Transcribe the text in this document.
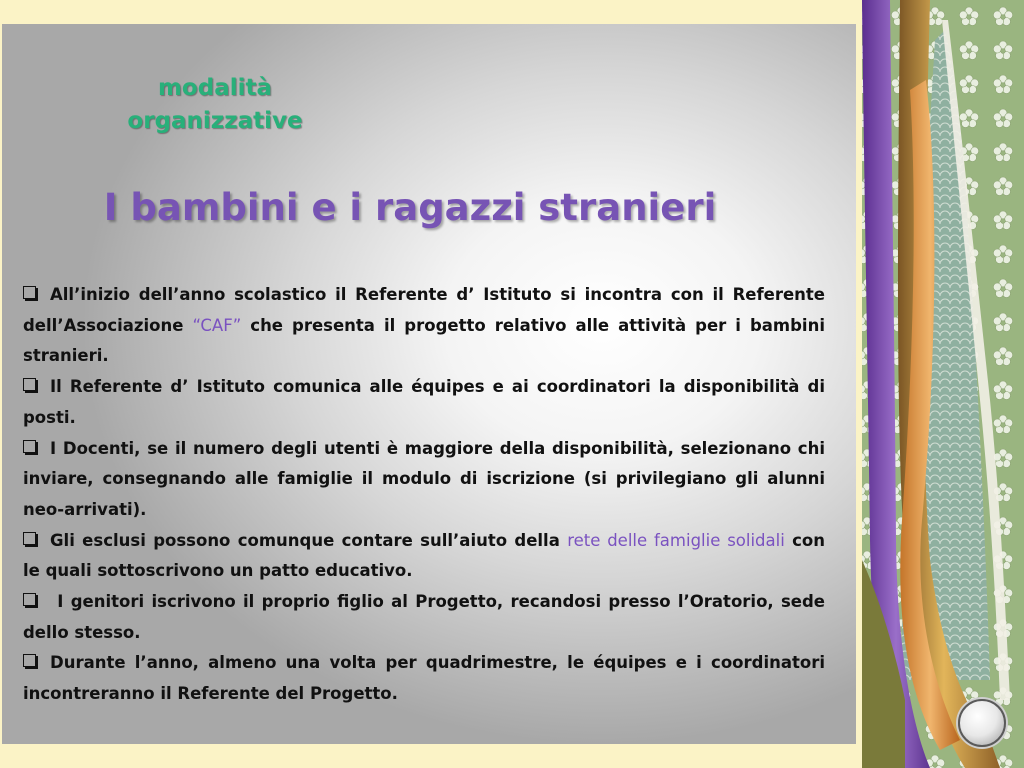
modalità organizzative
I bambini e i ragazzi stranieri

All’inizio dell’anno scolastico il Referente d’ Istituto si incontra con il Referente dell’Associazione “CAF” che presenta il progetto relativo alle attività per i bambini stranieri.

Il Referente d’ Istituto comunica alle équipes e ai coordinatori la disponibilità di posti.

I Docenti, se il numero degli utenti è maggiore della disponibilità, selezionano chi inviare, consegnando alle famiglie il modulo di iscrizione (si privilegiano gli alunni neo-arrivati).

Gli esclusi possono comunque contare sull’aiuto della rete delle famiglie solidali con le quali sottoscrivono un patto educativo.

I genitori iscrivono il proprio figlio al Progetto, recandosi presso l’Oratorio, sede dello stesso.

Durante l’anno, almeno una volta per quadrimestre, le équipes e i coordinatori incontreranno il Referente del Progetto.
